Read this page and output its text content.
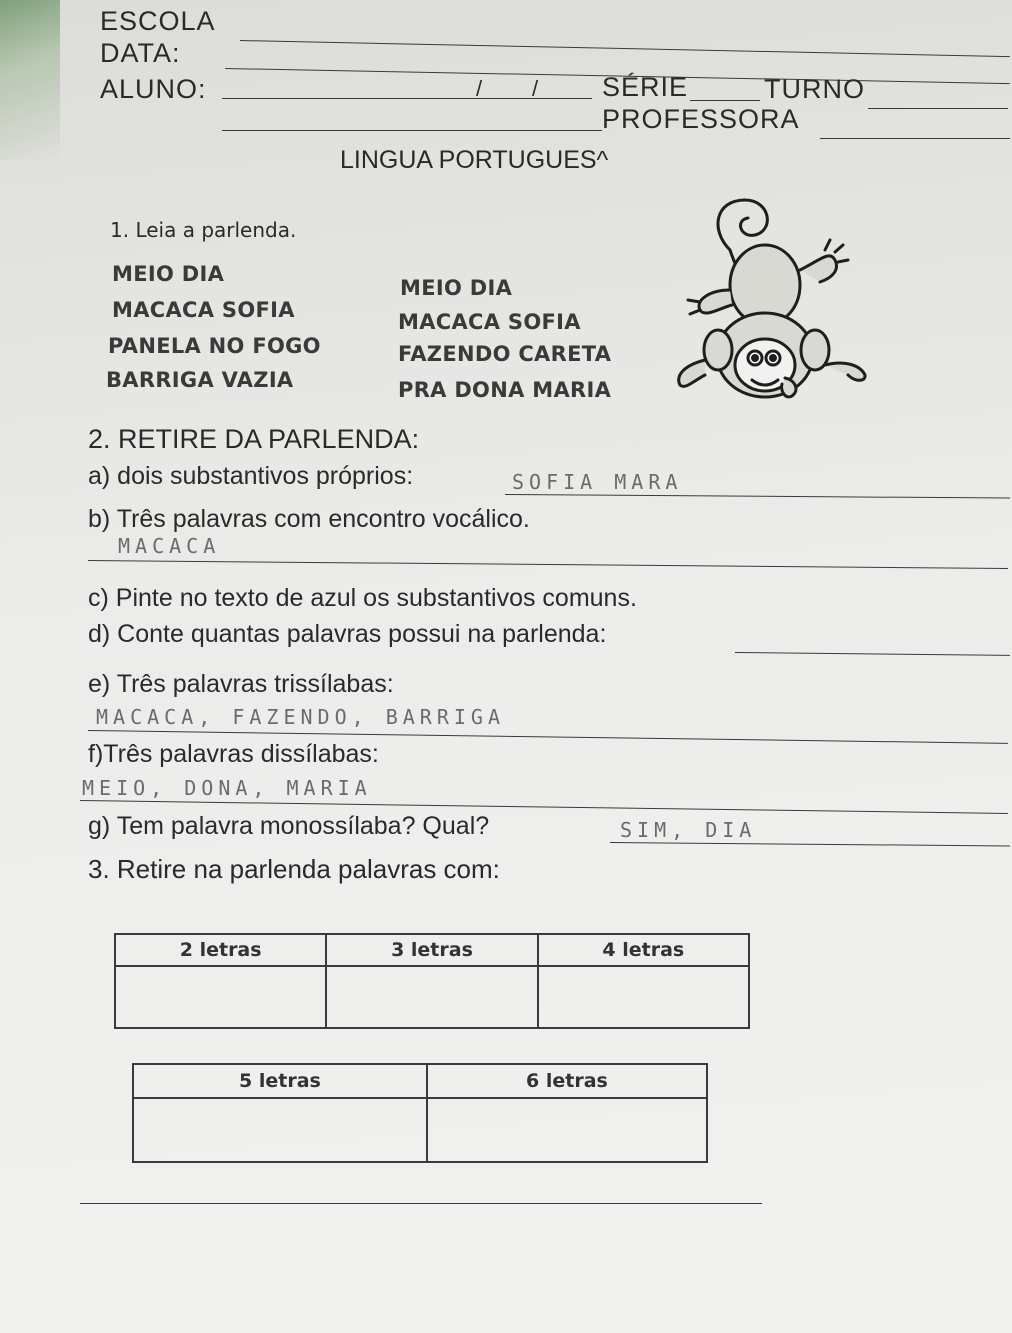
ESCOLA
DATA:
ALUNO:	/ / SÉRIE	TURNO
PROFESSORA
LINGUA PORTUGUES^
1. Leia a parlenda.
MEIO DIA
MACACA SOFIA
PANELA NO FOGO
BARRIGA VAZIA
MEIO DIA
MACACA SOFIA
FAZENDO CARETA
PRA DONA MARIA
2. RETIRE DA PARLENDA:
a) dois substantivos próprios:	SOFIA MARA
b) Três palavras com encontro vocálico.
MACACA
c) Pinte no texto de azul os substantivos comuns.
d) Conte quantas palavras possui na parlenda:
e) Três palavras trissílabas:
MACACA, FAZENDO, BARRIGA
f)Três palavras dissílabas:
MEIO, DONA, MARIA
g) Tem palavra monossílaba? Qual?	SIM, DIA
3. Retire na parlenda palavras com:
2 letras	3 letras	4 letras

5 letras	6 letras
